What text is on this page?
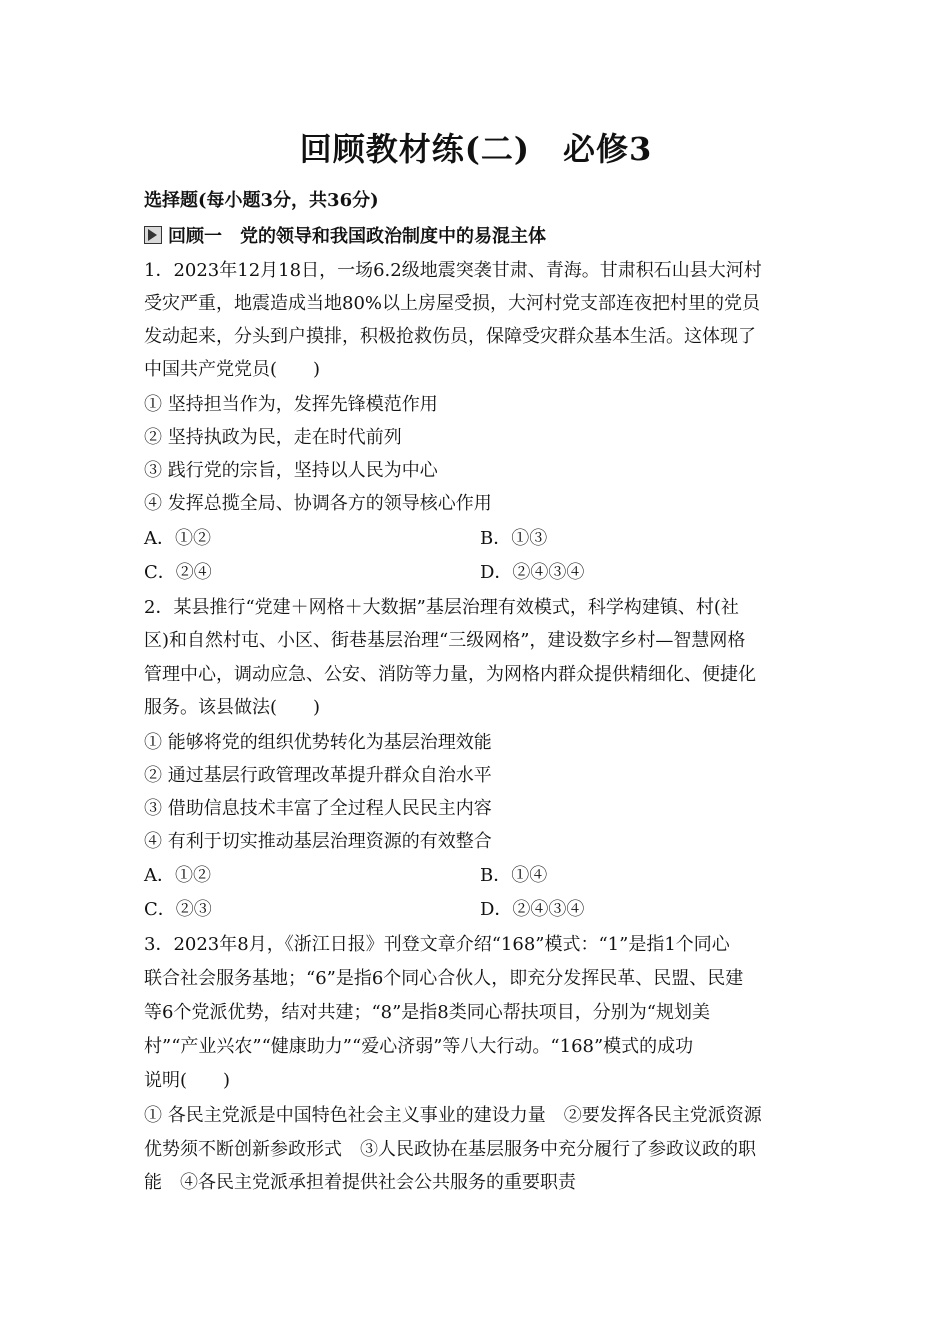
回顾教材练(二)　必修3
选择题(每小题3分，共36分)
回顾一　党的领导和我国政治制度中的易混主体
1．2023年12月18日，一场6.2级地震突袭甘肃、青海。甘肃积石山县大河村
受灾严重，地震造成当地80%以上房屋受损，大河村党支部连夜把村里的党员
发动起来，分头到户摸排，积极抢救伤员，保障受灾群众基本生活。这体现了
中国共产党党员(　　)
① 坚持担当作为，发挥先锋模范作用
② 坚持执政为民，走在时代前列
③ 践行党的宗旨，坚持以人民为中心
④ 发挥总揽全局、协调各方的领导核心作用
A．①②	B．①③
C．②④	D．②④③④
2．某县推行“党建＋网格＋大数据”基层治理有效模式，科学构建镇、村(社
区)和自然村屯、小区、街巷基层治理“三级网格”，建设数字乡村—智慧网格
管理中心，调动应急、公安、消防等力量，为网格内群众提供精细化、便捷化
服务。该县做法(　　)
① 能够将党的组织优势转化为基层治理效能
② 通过基层行政管理改革提升群众自治水平
③ 借助信息技术丰富了全过程人民民主内容
④ 有利于切实推动基层治理资源的有效整合
A．①②	B．①④
C．②③	D．②④③④
3．2023年8月，《浙江日报》刊登文章介绍“168”模式：“1”是指1个同心
联合社会服务基地；“6”是指6个同心合伙人，即充分发挥民革、民盟、民建
等6个党派优势，结对共建；“8”是指8类同心帮扶项目，分别为“规划美
村”“产业兴农”“健康助力”“爱心济弱”等八大行动。“168”模式的成功
说明(　　)
① 各民主党派是中国特色社会主义事业的建设力量　②要发挥各民主党派资源
优势须不断创新参政形式　③人民政协在基层服务中充分履行了参政议政的职
能　④各民主党派承担着提供社会公共服务的重要职责
